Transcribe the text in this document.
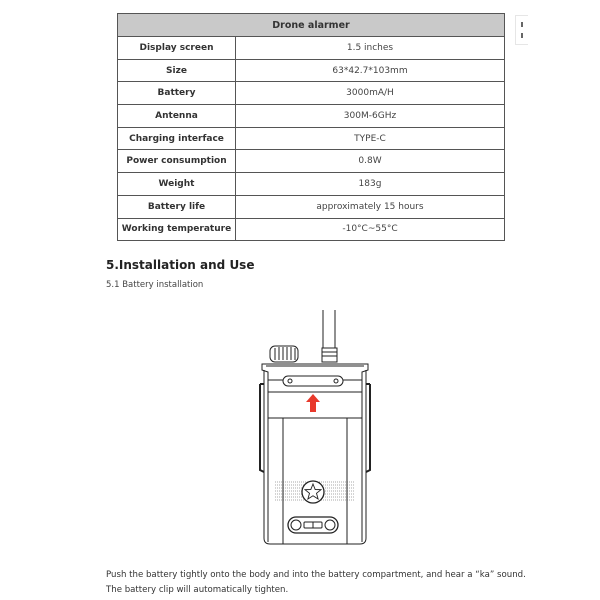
Drone alarmer	
Display screen	1.5 inches
Size	63*42.7*103mm
Battery	3000mA/H
Antenna	300M-6GHz
Charging interface	TYPE-C
Power consumption	0.8W
Weight	183g
Battery life	approximately 15 hours
Working temperature	-10°C~55°C
5.Installation and Use

5.1 Battery installation

Push the battery tightly onto the body and into the battery compartment, and hear a “ka” sound.
The battery clip will automatically tighten.
